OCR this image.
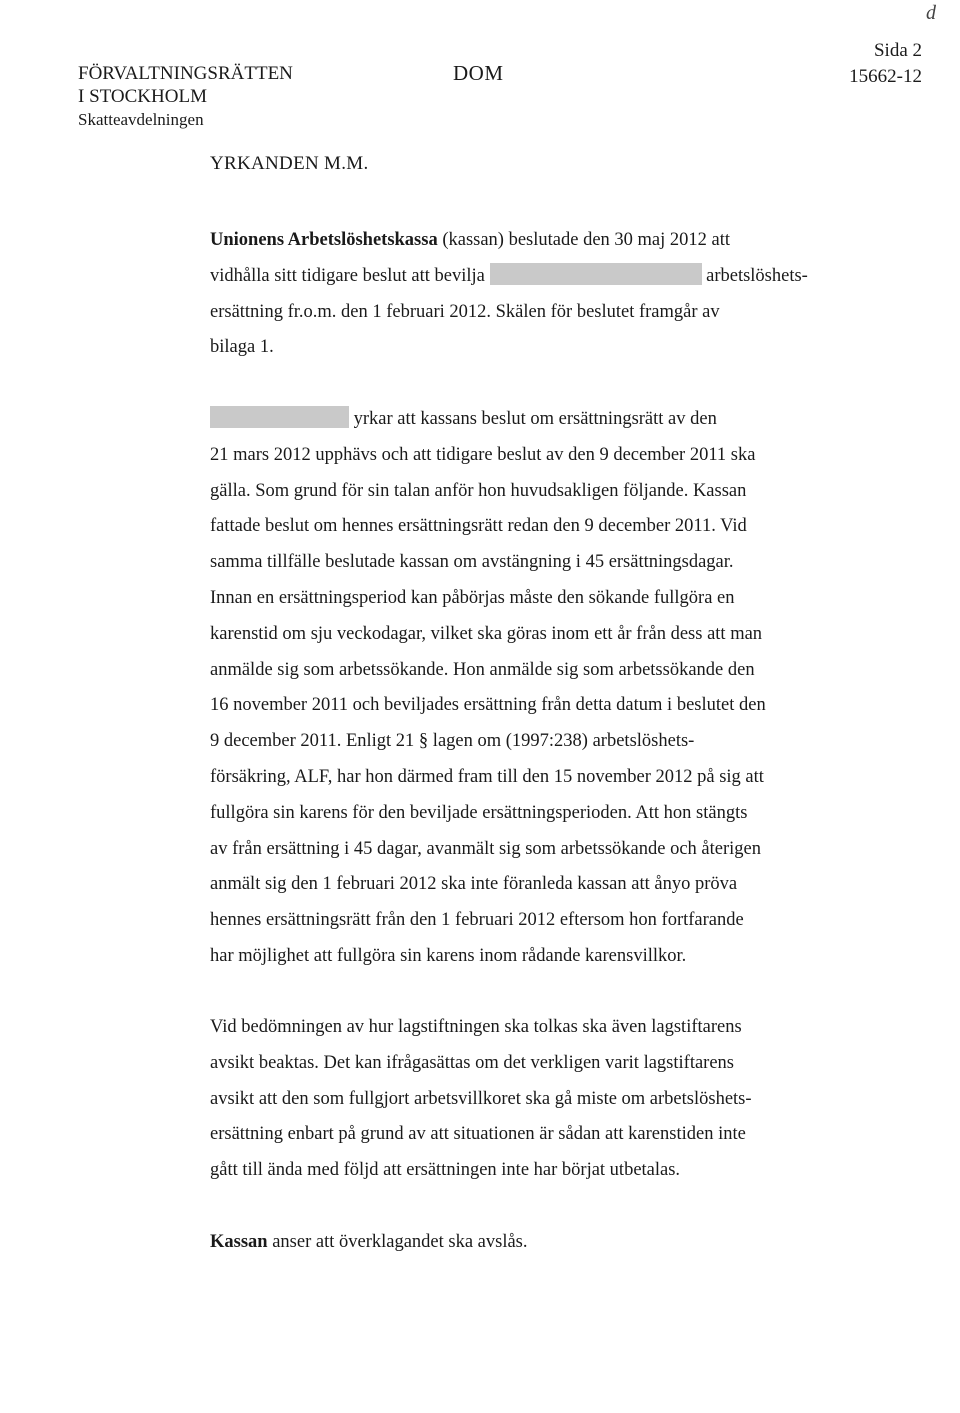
FÖRVALTNINGSRÄTTEN
I STOCKHOLM
Skatteavdelningen
DOM
Sida 2
15662-12
d
YRKANDEN M.M.
Unionens Arbetslöshetskassa (kassan) beslutade den 30 maj 2012 att
vidhålla sitt tidigare beslut att bevilja	arbetslöshets-
ersättning fr.o.m. den 1 februari 2012. Skälen för beslutet framgår av
bilaga 1.
yrkar att kassans beslut om ersättningsrätt av den
21 mars 2012 upphävs och att tidigare beslut av den 9 december 2011 ska
gälla. Som grund för sin talan anför hon huvudsakligen följande. Kassan
fattade beslut om hennes ersättningsrätt redan den 9 december 2011. Vid
samma tillfälle beslutade kassan om avstängning i 45 ersättningsdagar.
Innan en ersättningsperiod kan påbörjas måste den sökande fullgöra en
karenstid om sju veckodagar, vilket ska göras inom ett år från dess att man
anmälde sig som arbetssökande. Hon anmälde sig som arbetssökande den
16 november 2011 och beviljades ersättning från detta datum i beslutet den
9 december 2011. Enligt 21 § lagen om (1997:238) arbetslöshets-
försäkring, ALF, har hon därmed fram till den 15 november 2012 på sig att
fullgöra sin karens för den beviljade ersättningsperioden. Att hon stängts
av från ersättning i 45 dagar, avanmält sig som arbetssökande och återigen
anmält sig den 1 februari 2012 ska inte föranleda kassan att ånyo pröva
hennes ersättningsrätt från den 1 februari 2012 eftersom hon fortfarande
har möjlighet att fullgöra sin karens inom rådande karensvillkor.
Vid bedömningen av hur lagstiftningen ska tolkas ska även lagstiftarens
avsikt beaktas. Det kan ifrågasättas om det verkligen varit lagstiftarens
avsikt att den som fullgjort arbetsvillkoret ska gå miste om arbetslöshets-
ersättning enbart på grund av att situationen är sådan att karenstiden inte
gått till ända med följd att ersättningen inte har börjat utbetalas.
Kassan anser att överklagandet ska avslås.
